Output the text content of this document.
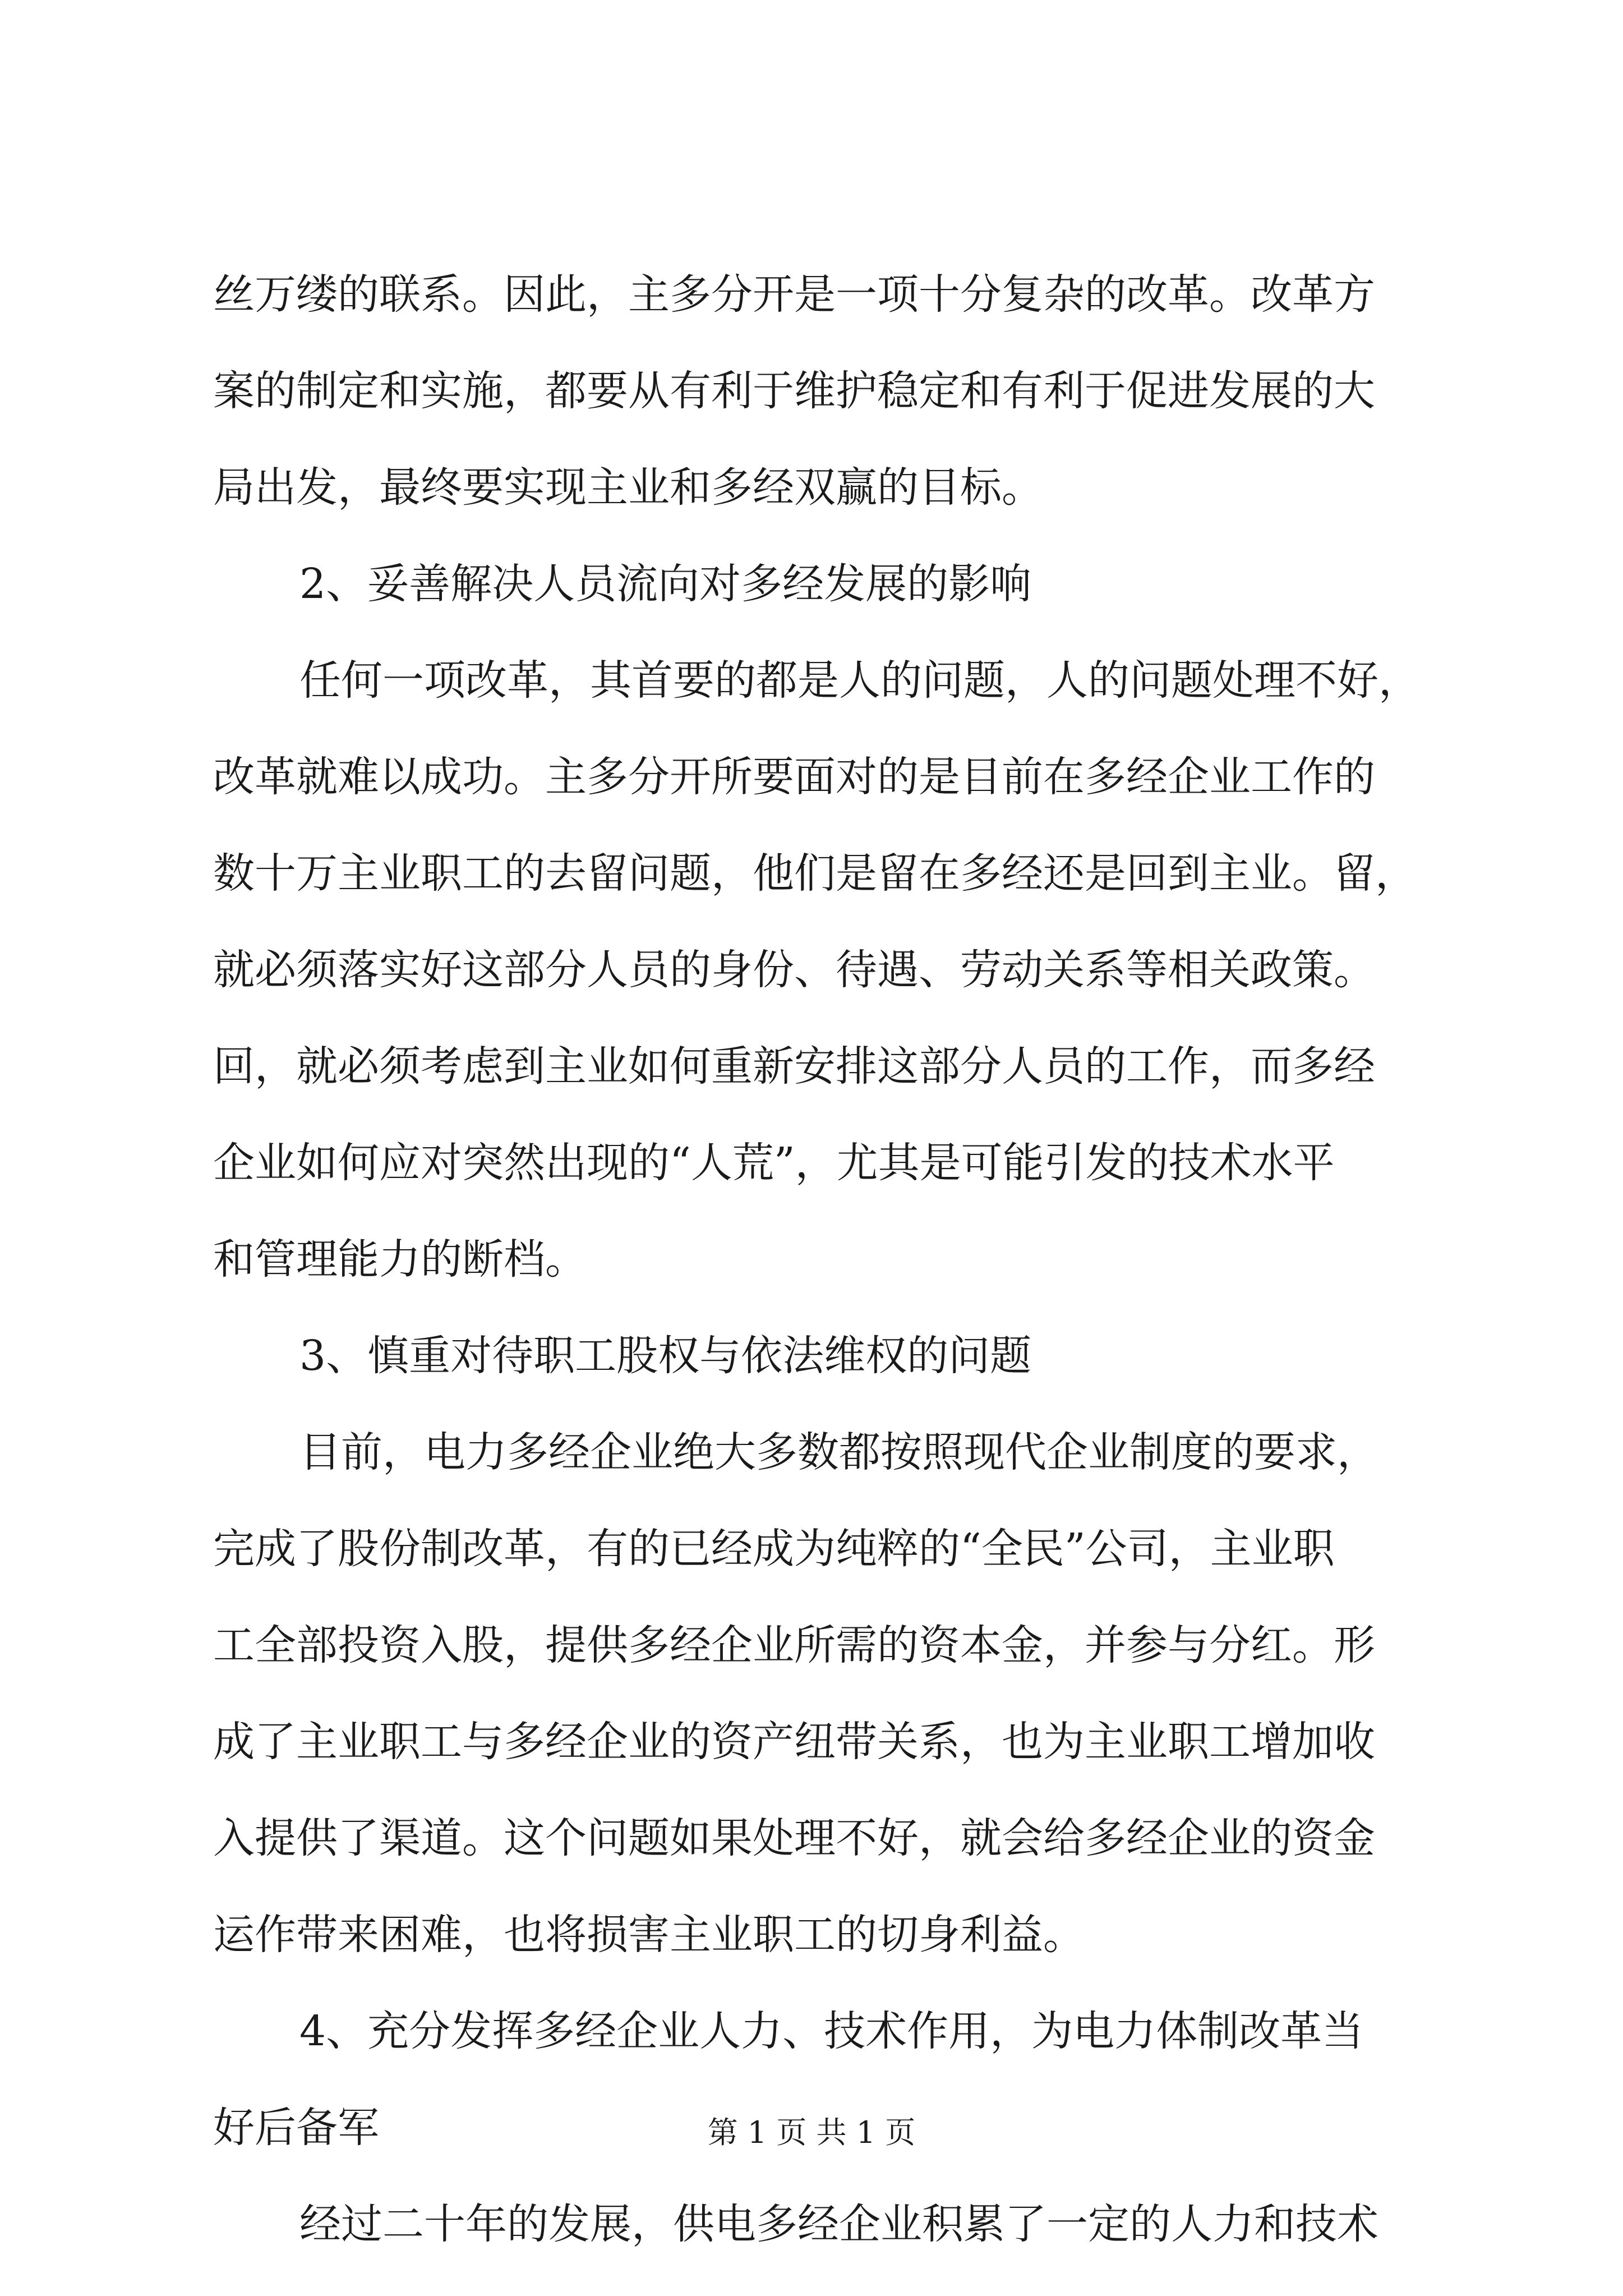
丝万缕的联系。因此，主多分开是一项十分复杂的改革。改革方

案的制定和实施，都要从有利于维护稳定和有利于促进发展的大

局出发，最终要实现主业和多经双赢的目标。

2、妥善解决人员流向对多经发展的影响

任何一项改革，其首要的都是人的问题，人的问题处理不好，

改革就难以成功。主多分开所要面对的是目前在多经企业工作的

数十万主业职工的去留问题，他们是留在多经还是回到主业。留，

就必须落实好这部分人员的身份、待遇、劳动关系等相关政策。

回，就必须考虑到主业如何重新安排这部分人员的工作，而多经

企业如何应对突然出现的“人荒”，尤其是可能引发的技术水平

和管理能力的断档。

3、慎重对待职工股权与依法维权的问题

目前，电力多经企业绝大多数都按照现代企业制度的要求，

完成了股份制改革，有的已经成为纯粹的“全民”公司，主业职

工全部投资入股，提供多经企业所需的资本金，并参与分红。形

成了主业职工与多经企业的资产纽带关系，也为主业职工增加收

入提供了渠道。这个问题如果处理不好，就会给多经企业的资金

运作带来困难，也将损害主业职工的切身利益。

4、充分发挥多经企业人力、技术作用，为电力体制改革当

好后备军

经过二十年的发展，供电多经企业积累了一定的人力和技术

第 1 页 共 1 页
